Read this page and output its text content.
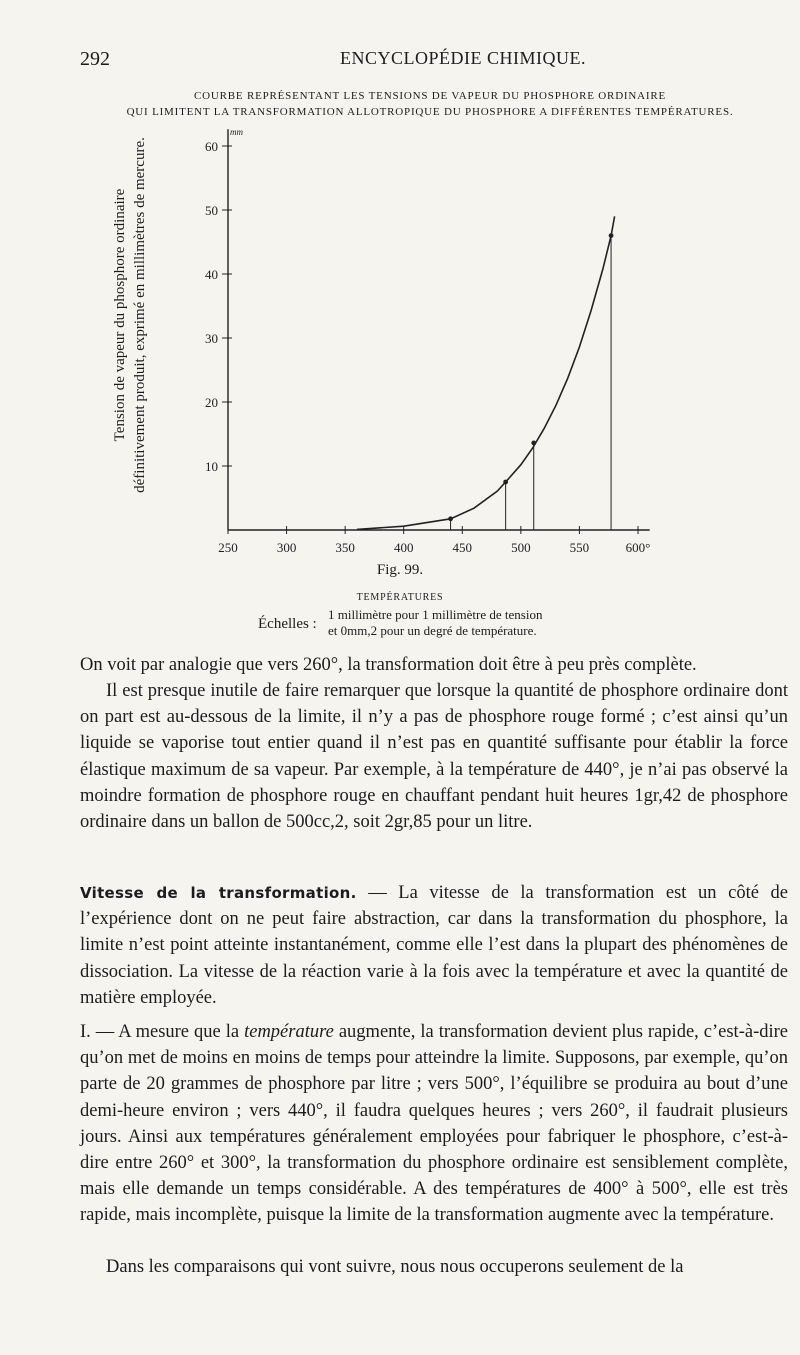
292	ENCYCLOPÉDIE CHIMIQUE.
COURBE REPRÉSENTANT LES TENSIONS DE VAPEUR DU PHOSPHORE ORDINAIRE
QUI LIMITENT LA TRANSFORMATION ALLOTROPIQUE DU PHOSPHORE A DIFFÉRENTES TEMPÉRATURES.
Tension de vapeur du phosphore ordinaire définitivement produit, exprimé en millimètres de mercure.
250	300	350	400	450	500	550	600°
10
20
30
40
50
60
mm
Fig. 99.
TEMPÉRATURES
Échelles :
1 millimètre pour 1 millimètre de tension
et 0mm,2 pour un degré de température.
On voit par analogie que vers 260°, la transformation doit être à peu près complète.
Il est presque inutile de faire remarquer que lorsque la quantité de phosphore ordinaire dont on part est au-dessous de la limite, il n’y a pas de phosphore rouge formé ; c’est ainsi qu’un liquide se vaporise tout entier quand il n’est pas en quantité suffisante pour établir la force élastique maximum de sa vapeur. Par exemple, à la température de 440°, je n’ai pas observé la moindre formation de phosphore rouge en chauffant pendant huit heures 1gr,42 de phosphore ordinaire dans un ballon de 500cc,2, soit 2gr,85 pour un litre.
Vitesse de la transformation. — La vitesse de la transformation est un côté de l’expérience dont on ne peut faire abstraction, car dans la transformation du phosphore, la limite n’est point atteinte instantanément, comme elle l’est dans la plupart des phénomènes de dissociation. La vitesse de la réaction varie à la fois avec la température et avec la quantité de matière employée.
I. — A mesure que la température augmente, la transformation devient plus rapide, c’est-à-dire qu’on met de moins en moins de temps pour atteindre la limite. Supposons, par exemple, qu’on parte de 20 grammes de phosphore par litre ; vers 500°, l’équilibre se produira au bout d’une demi-heure environ ; vers 440°, il faudra quelques heures ; vers 260°, il faudrait plusieurs jours. Ainsi aux températures généralement employées pour fabriquer le phosphore, c’est-à-dire entre 260° et 300°, la transformation du phosphore ordinaire est sensiblement complète, mais elle demande un temps considérable. A des températures de 400° à 500°, elle est très rapide, mais incomplète, puisque la limite de la transformation augmente avec la température.
Dans les comparaisons qui vont suivre, nous nous occuperons seulement de la
